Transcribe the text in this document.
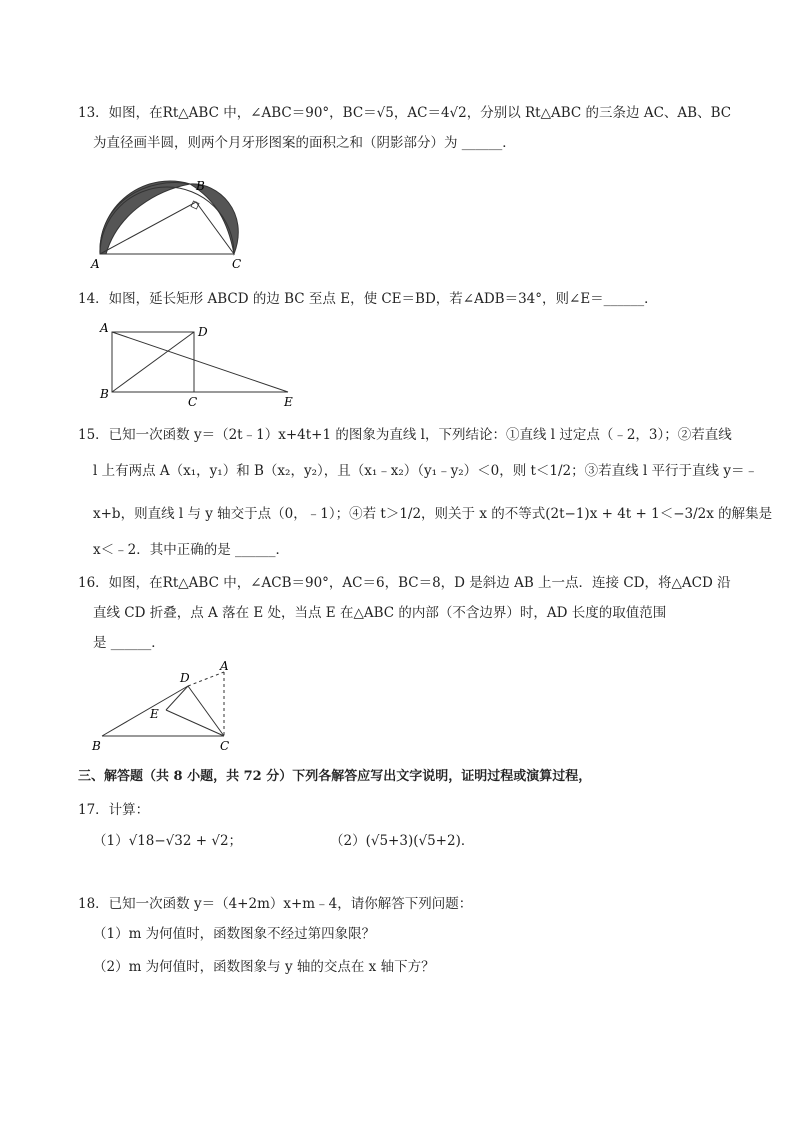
13．如图，在Rt△ABC 中，∠ABC＝90°，BC＝√5，AC＝4√2，分别以 Rt△ABC 的三条边 AC、AB、BC
为直径画半圆，则两个月牙形图案的面积之和（阴影部分）为 ______．
A
B
C
14．如图，延长矩形 ABCD 的边 BC 至点 E，使 CE＝BD，若∠ADB＝34°，则∠E＝______．
A	D
B
C	E
15．已知一次函数 y＝（2t﹣1）x+4t+1 的图象为直线 l，下列结论：①直线 l 过定点（﹣2，3）；②若直线
l 上有两点 A（x₁，y₁）和 B（x₂，y₂），且（x₁﹣x₂）（y₁﹣y₂）＜0，则 t＜1/2；③若直线 l 平行于直线 y＝﹣
x+b，则直线 l 与 y 轴交于点（0，﹣1）；④若 t＞1/2，则关于 x 的不等式(2t−1)x + 4t + 1＜−3/2x 的解集是
x＜﹣2．其中正确的是 ______．
16．如图，在Rt△ABC 中，∠ACB＝90°，AC＝6，BC＝8，D 是斜边 AB 上一点．连接 CD，将△ACD 沿
直线 CD 折叠，点 A 落在 E 处，当点 E 在△ABC 的内部（不含边界）时，AD 长度的取值范围
是 ______．
A
D
E
B	C
三、解答题（共 8 小题，共 72 分）下列各解答应写出文字说明，证明过程或演算过程，
17．计算：
（1）√18−√32 + √2；	（2）(√5+3)(√5+2)．
18．已知一次函数 y＝（4+2m）x+m﹣4，请你解答下列问题：
（1）m 为何值时，函数图象不经过第四象限？
（2）m 为何值时，函数图象与 y 轴的交点在 x 轴下方？
